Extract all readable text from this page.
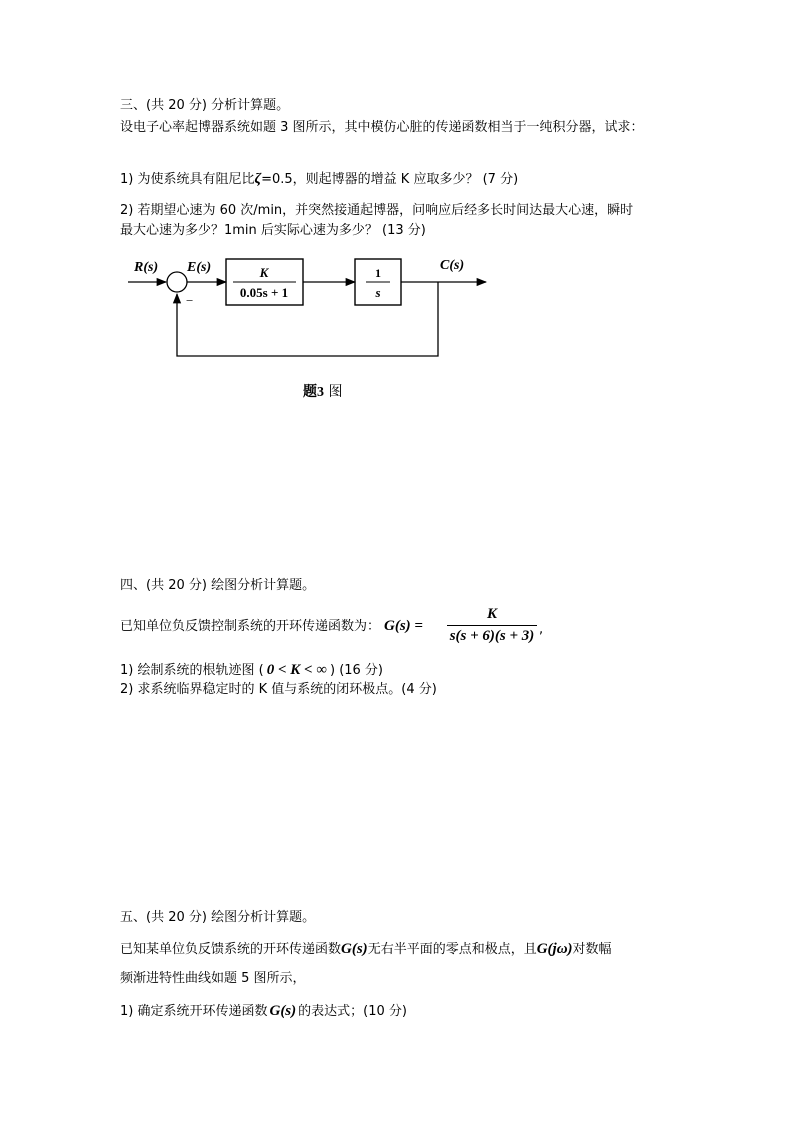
三、(共 20 分) 分析计算题。
设电子心率起博器系统如题 3 图所示，其中模仿心脏的传递函数相当于一纯积分器，试求：
1) 为使系统具有阻尼比ζ=0.5，则起博器的增益 K 应取多少？ (7 分)
2) 若期望心速为 60 次/min，并突然接通起博器，问响应后经多长时间达最大心速，瞬时
最大心速为多少？1min 后实际心速为多少？ (13 分)
R(s) E(s)	C(s)
−
K
0.05s + 1
1
s
题3 图
四、(共 20 分) 绘图分析计算题。
已知单位负反馈控制系统的开环传递函数为： G(s) =
K
s(s + 6)(s + 3) ,
1) 绘制系统的根轨迹图 ( 0 < K < ∞ ) (16 分)
2) 求系统临界稳定时的 K 值与系统的闭环极点。(4 分)
五、(共 20 分) 绘图分析计算题。
已知某单位负反馈系统的开环传递函数G(s)无右半平面的零点和极点，且G(jω)对数幅
频渐进特性曲线如题 5 图所示，
1) 确定系统开环传递函数 G(s) 的表达式；(10 分)
